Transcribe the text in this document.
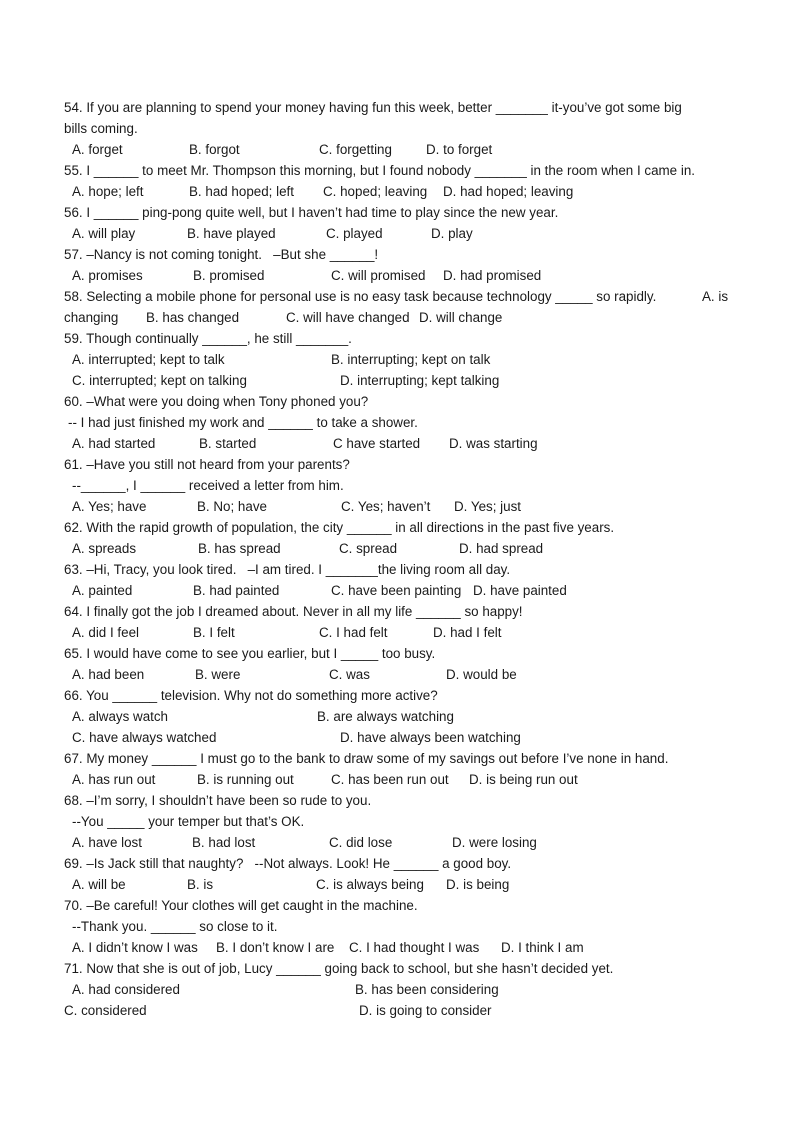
54. If you are planning to spend your money having fun this week, better _______ it-you’ve got some big

bills coming.

A. forget

	B. forgot

	C. forgetting

	D. to forget

55. I ______ to meet Mr. Thompson this morning, but I found nobody _______ in the room when I came in.

A. hope; left

	B. had hoped; left

C. hoped; leaving

D. had hoped; leaving

56. I ______ ping-pong quite well, but I haven’t had time to play since the new year.

A. will play

	B. have played

	C. played

	D. play

57. –Nancy is not coming tonight.   –But she ______!

A. promises

	B. promised

	C. will promised

D. had promised

58. Selecting a mobile phone for personal use is no easy task because technology _____ so rapidly.

	A. is

changing

B. has changed

	C. will have changed

D. will change

59. Though continually ______, he still _______.

A. interrupted; kept to talk

	B. interrupting; kept on talk

C. interrupted; kept on talking

	D. interrupting; kept talking

60. –What were you doing when Tony phoned you?

-- I had just finished my work and ______ to take a shower.

A. had started

	B. started

	C have started

D. was starting

61. –Have you still not heard from your parents?

--______, I ______ received a letter from him.

A. Yes; have

	B. No; have

	C. Yes; haven’t

D. Yes; just

62. With the rapid growth of population, the city ______ in all directions in the past five years.

A. spreads

	B. has spread

	C. spread

	D. had spread

63. –Hi, Tracy, you look tired.   –I am tired. I _______the living room all day.

A. painted

	B. had painted

	C. have been painting

D. have painted

64. I finally got the job I dreamed about. Never in all my life ______ so happy!

A. did I feel

	B. I felt

	C. I had felt

	D. had I felt

65. I would have come to see you earlier, but I _____ too busy.

A. had been

	B. were

	C. was

	D. would be

66. You ______ television. Why not do something more active?

A. always watch

	B. are always watching

C. have always watched

	D. have always been watching

67. My money ______ I must go to the bank to draw some of my savings out before I’ve none in hand.

A. has run out

	B. is running out

	C. has been run out

D. is being run out

68. –I’m sorry, I shouldn’t have been so rude to you.

--You _____ your temper but that’s OK.

A. have lost

	B. had lost

	C. did lose

	D. were losing

69. –Is Jack still that naughty?   --Not always. Look! He ______ a good boy.

A. will be

	B. is

	C. is always being

D. is being

70. –Be careful! Your clothes will get caught in the machine.

--Thank you. ______ so close to it.

A. I didn’t know I was

B. I don’t know I are

C. I had thought I was

D. I think I am

71. Now that she is out of job, Lucy ______ going back to school, but she hasn’t decided yet.

A. had considered

	B. has been considering

C. considered

	D. is going to consider
